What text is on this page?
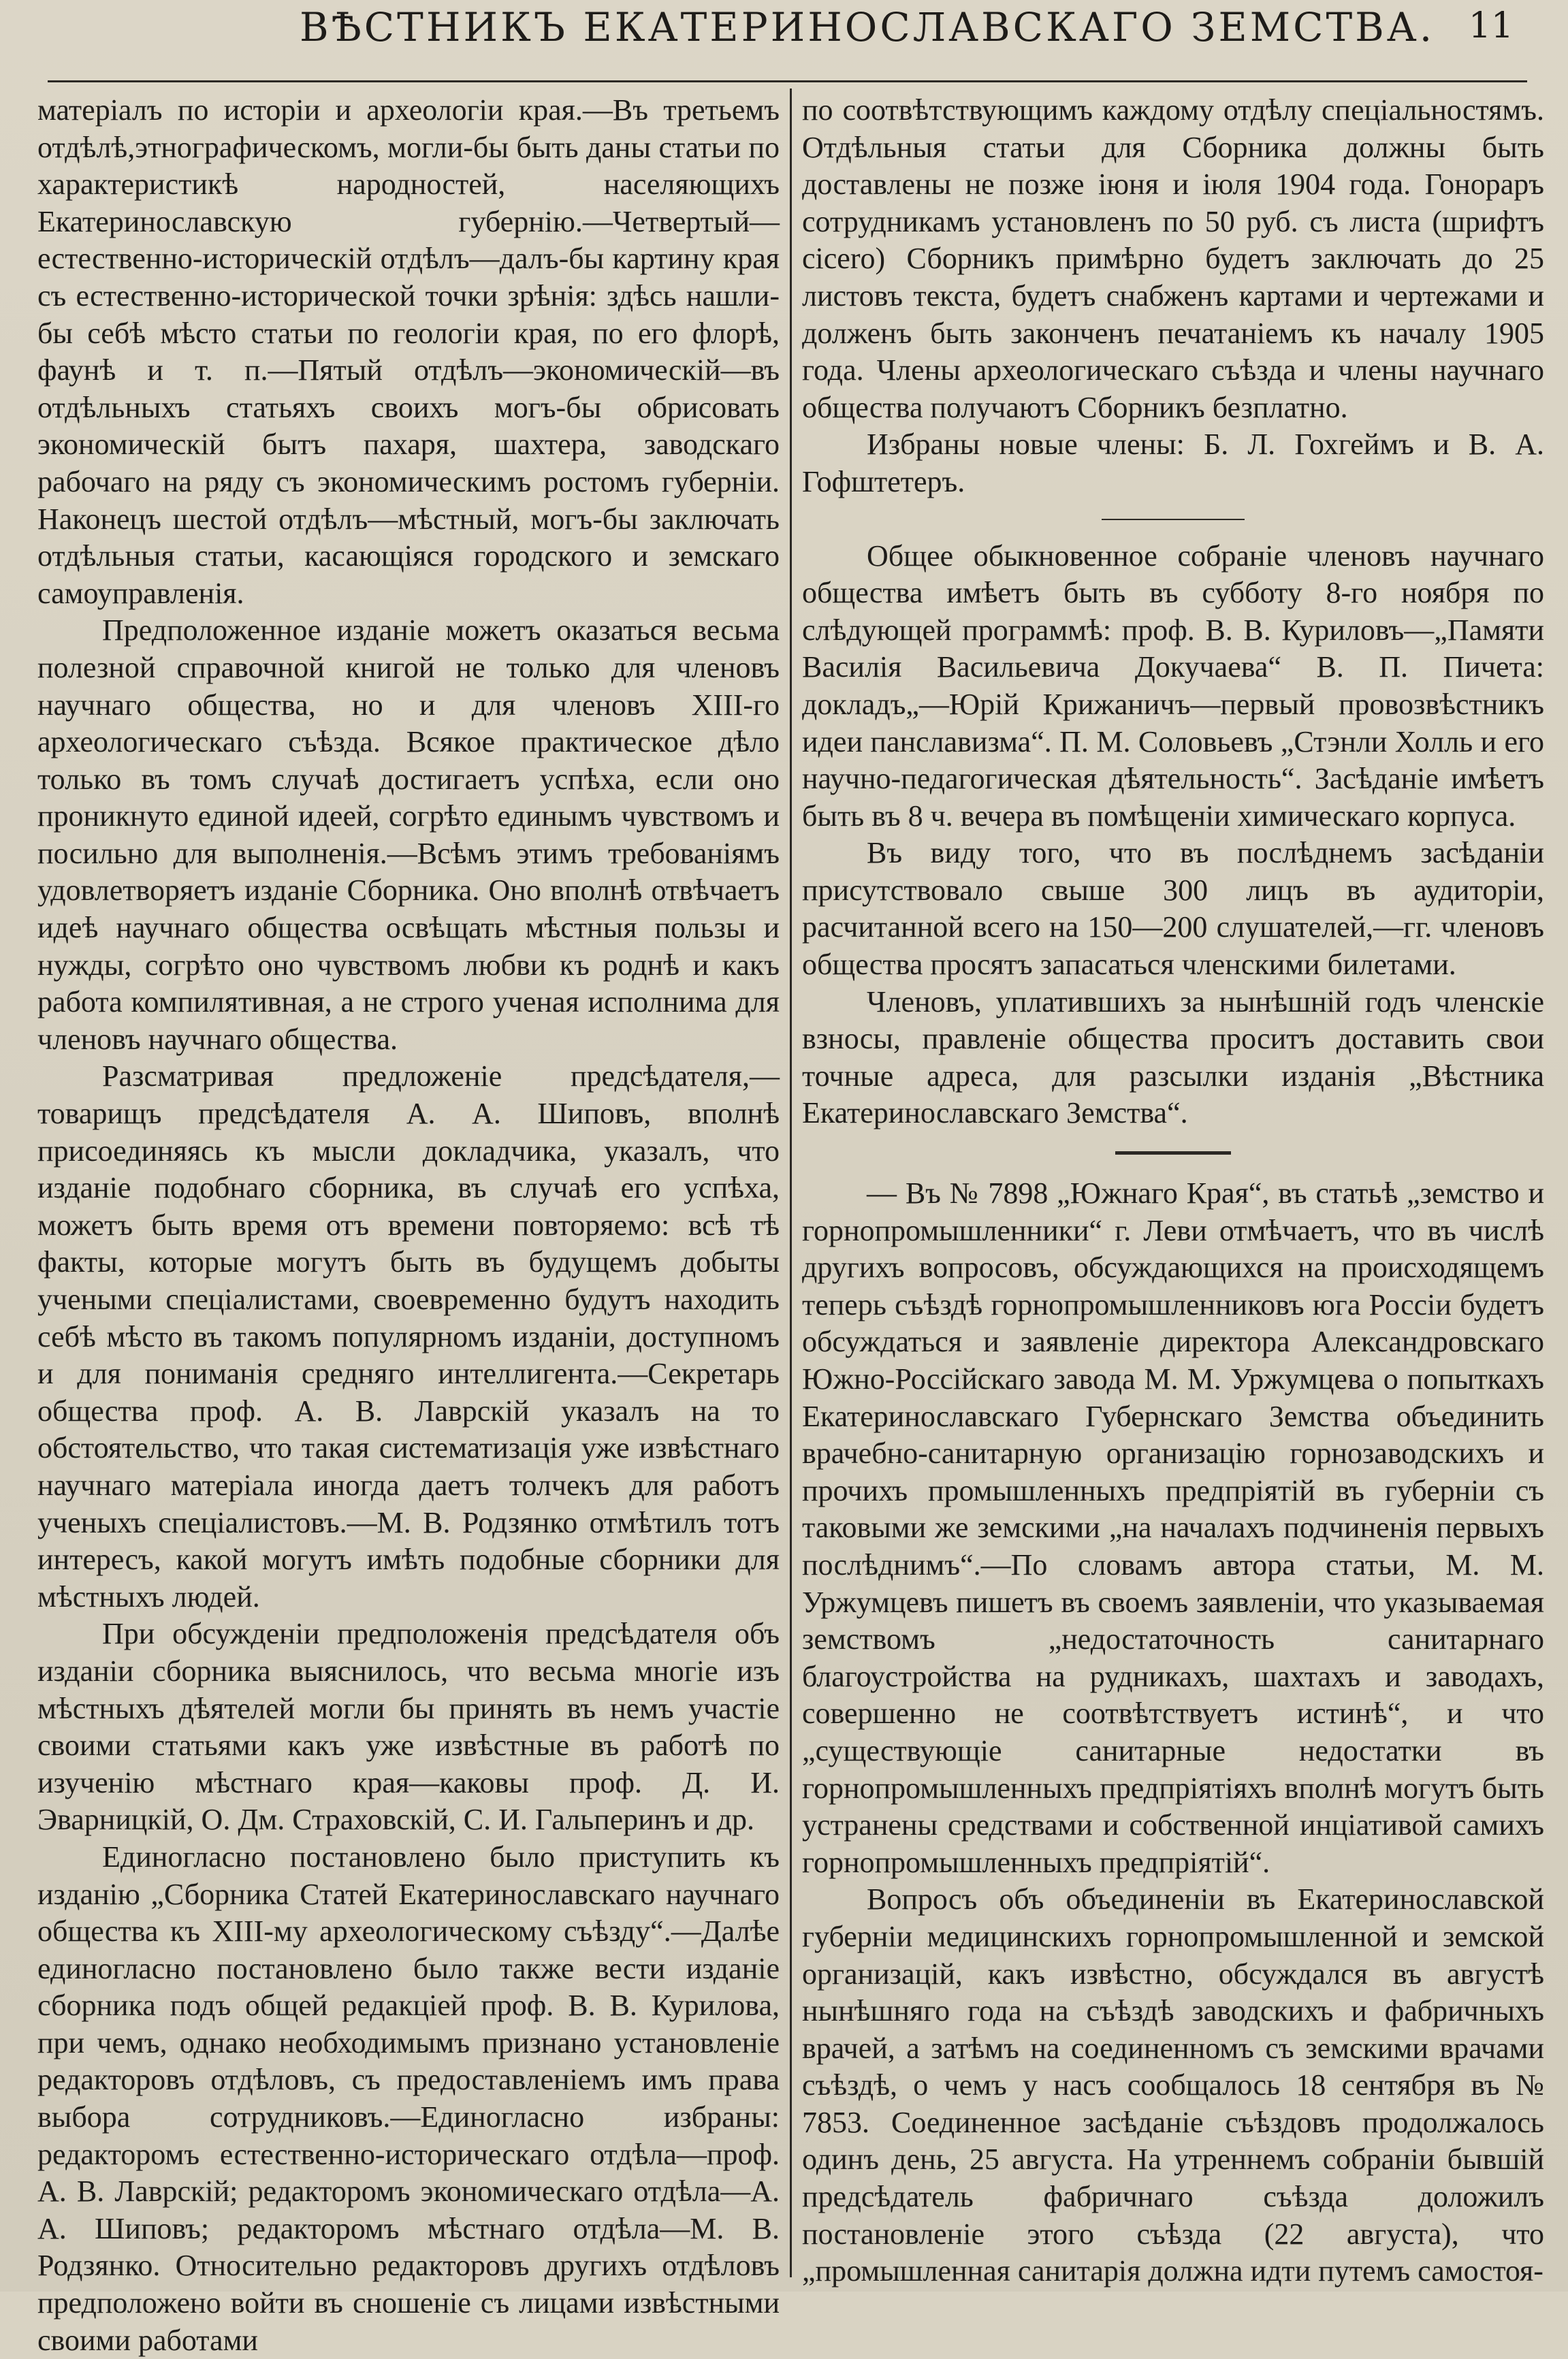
ВѢСТНИКЪ ЕКАТЕРИНОСЛАВСКАГО ЗЕМСТВА. 11

матеріалъ по исторіи и археологіи края.—Въ третьемъ отдѣлѣ,этнографическомъ, могли-бы быть даны статьи по характеристикѣ народностей, населяющихъ Екатеринославскую губернію.—Четвертый—естественно-историческій отдѣлъ—далъ-бы картину края съ естественно-исторической точки зрѣнія: здѣсь нашли-бы себѣ мѣсто статьи по геологіи края, по его флорѣ, фаунѣ и т. п.—Пятый отдѣлъ—экономическій—въ отдѣльныхъ статьяхъ своихъ могъ-бы обрисовать экономическій бытъ пахаря, шахтера, заводскаго рабочаго на ряду съ экономическимъ ростомъ губерніи. Наконецъ шестой отдѣлъ—мѣстный, могъ-бы заключать отдѣльныя статьи, касающіяся городского и земскаго самоуправленія.

Предположенное изданіе можетъ оказаться весьма полезной справочной книгой не только для членовъ научнаго общества, но и для членовъ XIII-го археологическаго съѣзда. Всякое практическое дѣло только въ томъ случаѣ достигаетъ успѣха, если оно проникнуто единой идеей, согрѣто единымъ чувствомъ и посильно для выполненія.—Всѣмъ этимъ требованіямъ удовлетворяетъ изданіе Сборника. Оно вполнѣ отвѣчаетъ идеѣ научнаго общества освѣщать мѣстныя пользы и нужды, согрѣто оно чувствомъ любви къ роднѣ и какъ работа компилятивная, а не строго ученая исполнима для членовъ научнаго общества.

Разсматривая предложеніе предсѣдателя,—товарищъ предсѣдателя А. А. Шиповъ, вполнѣ присоединяясь къ мысли докладчика, указалъ, что изданіе подобнаго сборника, въ случаѣ его успѣха, можетъ быть время отъ времени повторяемо: всѣ тѣ факты, которые могутъ быть въ будущемъ добыты учеными спеціалистами, своевременно будутъ находить себѣ мѣсто въ такомъ популярномъ изданіи, доступномъ и для пониманія средняго интеллигента.—Секретарь общества проф. А. В. Лаврскій указалъ на то обстоятельство, что такая систематизація уже извѣстнаго научнаго матеріала иногда даетъ толчекъ для работъ ученыхъ спеціалистовъ.—М. В. Родзянко отмѣтилъ тотъ интересъ, какой могутъ имѣть подобные сборники для мѣстныхъ людей.

При обсужденіи предположенія предсѣдателя объ изданіи сборника выяснилось, что весьма многіе изъ мѣстныхъ дѣятелей могли бы принять въ немъ участіе своими статьями какъ уже извѣстные въ работѣ по изученію мѣстнаго края—каковы проф. Д. И. Эварницкій, О. Дм. Страховскій, С. И. Гальперинъ и др.

Единогласно постановлено было приступить къ изданію „Сборника Статей Екатеринославскаго научнаго общества къ XIII-му археологическому съѣзду“.—Далѣе единогласно постановлено было также вести изданіе сборника подъ общей редакціей проф. В. В. Курилова, при чемъ, однако необходимымъ признано установленіе редакторовъ отдѣловъ, съ предоставленіемъ имъ права выбора сотрудниковъ.—Единогласно избраны: редакторомъ естественно-историческаго отдѣла—проф. А. В. Лаврскій; редакторомъ экономическаго отдѣла—А. А. Шиповъ; редакторомъ мѣстнаго отдѣла—М. В. Родзянко. Относительно редакторовъ другихъ отдѣловъ предположено войти въ сношеніе съ лицами извѣстными своими работами

по соотвѣтствующимъ каждому отдѣлу спеціальностямъ. Отдѣльныя статьи для Сборника должны быть доставлены не позже іюня и іюля 1904 года. Гонораръ сотрудникамъ установленъ по 50 руб. съ листа (шрифтъ cicero) Сборникъ примѣрно будетъ заключать до 25 листовъ текста, будетъ снабженъ картами и чертежами и долженъ быть законченъ печатаніемъ къ началу 1905 года. Члены археологическаго съѣзда и члены научнаго общества получаютъ Сборникъ безплатно.

Избраны новые члены: Б. Л. Гохгеймъ и В. А. Гофштетеръ.

Общее обыкновенное собраніе членовъ научнаго общества имѣетъ быть въ субботу 8-го ноября по слѣдующей программѣ: проф. В. В. Куриловъ—„Памяти Василія Васильевича Докучаева“ В. П. Пичета: докладъ„—Юрій Крижаничъ—первый провозвѣстникъ идеи панславизма“. П. М. Соловьевъ „Стэнли Холль и его научно-педагогическая дѣятельность“. Засѣданіе имѣетъ быть въ 8 ч. вечера въ помѣщеніи химическаго корпуса.

Въ виду того, что въ послѣднемъ засѣданіи присутствовало свыше 300 лицъ въ аудиторіи, расчитанной всего на 150—200 слушателей,—гг. членовъ общества просятъ запасаться членскими билетами.

Членовъ, уплатившихъ за нынѣшній годъ членскіе взносы, правленіе общества проситъ доставить свои точные адреса, для разсылки изданія „Вѣстника Екатеринославскаго Земства“.

— Въ № 7898 „Южнаго Края“, въ статьѣ „земство и горнопромышленники“ г. Леви отмѣчаетъ, что въ числѣ другихъ вопросовъ, обсуждающихся на происходящемъ теперь съѣздѣ горнопромышленниковъ юга Россіи будетъ обсуждаться и заявленіе директора Александровскаго Южно-Россійскаго завода М. М. Уржумцева о попыткахъ Екатеринославскаго Губернскаго Земства объединить врачебно-санитарную организацію горнозаводскихъ и прочихъ промышленныхъ предпріятій въ губерніи съ таковыми же земскими „на началахъ подчиненія первыхъ послѣднимъ“.—По словамъ автора статьи, М. М. Уржумцевъ пишетъ въ своемъ заявленіи, что указываемая земствомъ „недостаточность санитарнаго благоустройства на рудникахъ, шахтахъ и заводахъ, совершенно не соотвѣтствуетъ истинѣ“, и что „существующіе санитарные недостатки въ горнопромышленныхъ предпріятіяхъ вполнѣ могутъ быть устранены средствами и собственной инціативой самихъ горнопромышленныхъ предпріятій“.

Вопросъ объ объединеніи въ Екатеринославской губерніи медицинскихъ горнопромышленной и земской организацій, какъ извѣстно, обсуждался въ августѣ нынѣшняго года на съѣздѣ заводскихъ и фабричныхъ врачей, а затѣмъ на соединенномъ съ земскими врачами съѣздѣ, о чемъ у насъ сообщалось 18 сентября въ № 7853. Соединенное засѣданіе съѣздовъ продолжалось одинъ день, 25 августа. На утреннемъ собраніи бывшій предсѣдатель фабричнаго съѣзда доложилъ постановленіе этого съѣзда (22 августа), что „промышленная санитарія должна идти путемъ самостоя-
